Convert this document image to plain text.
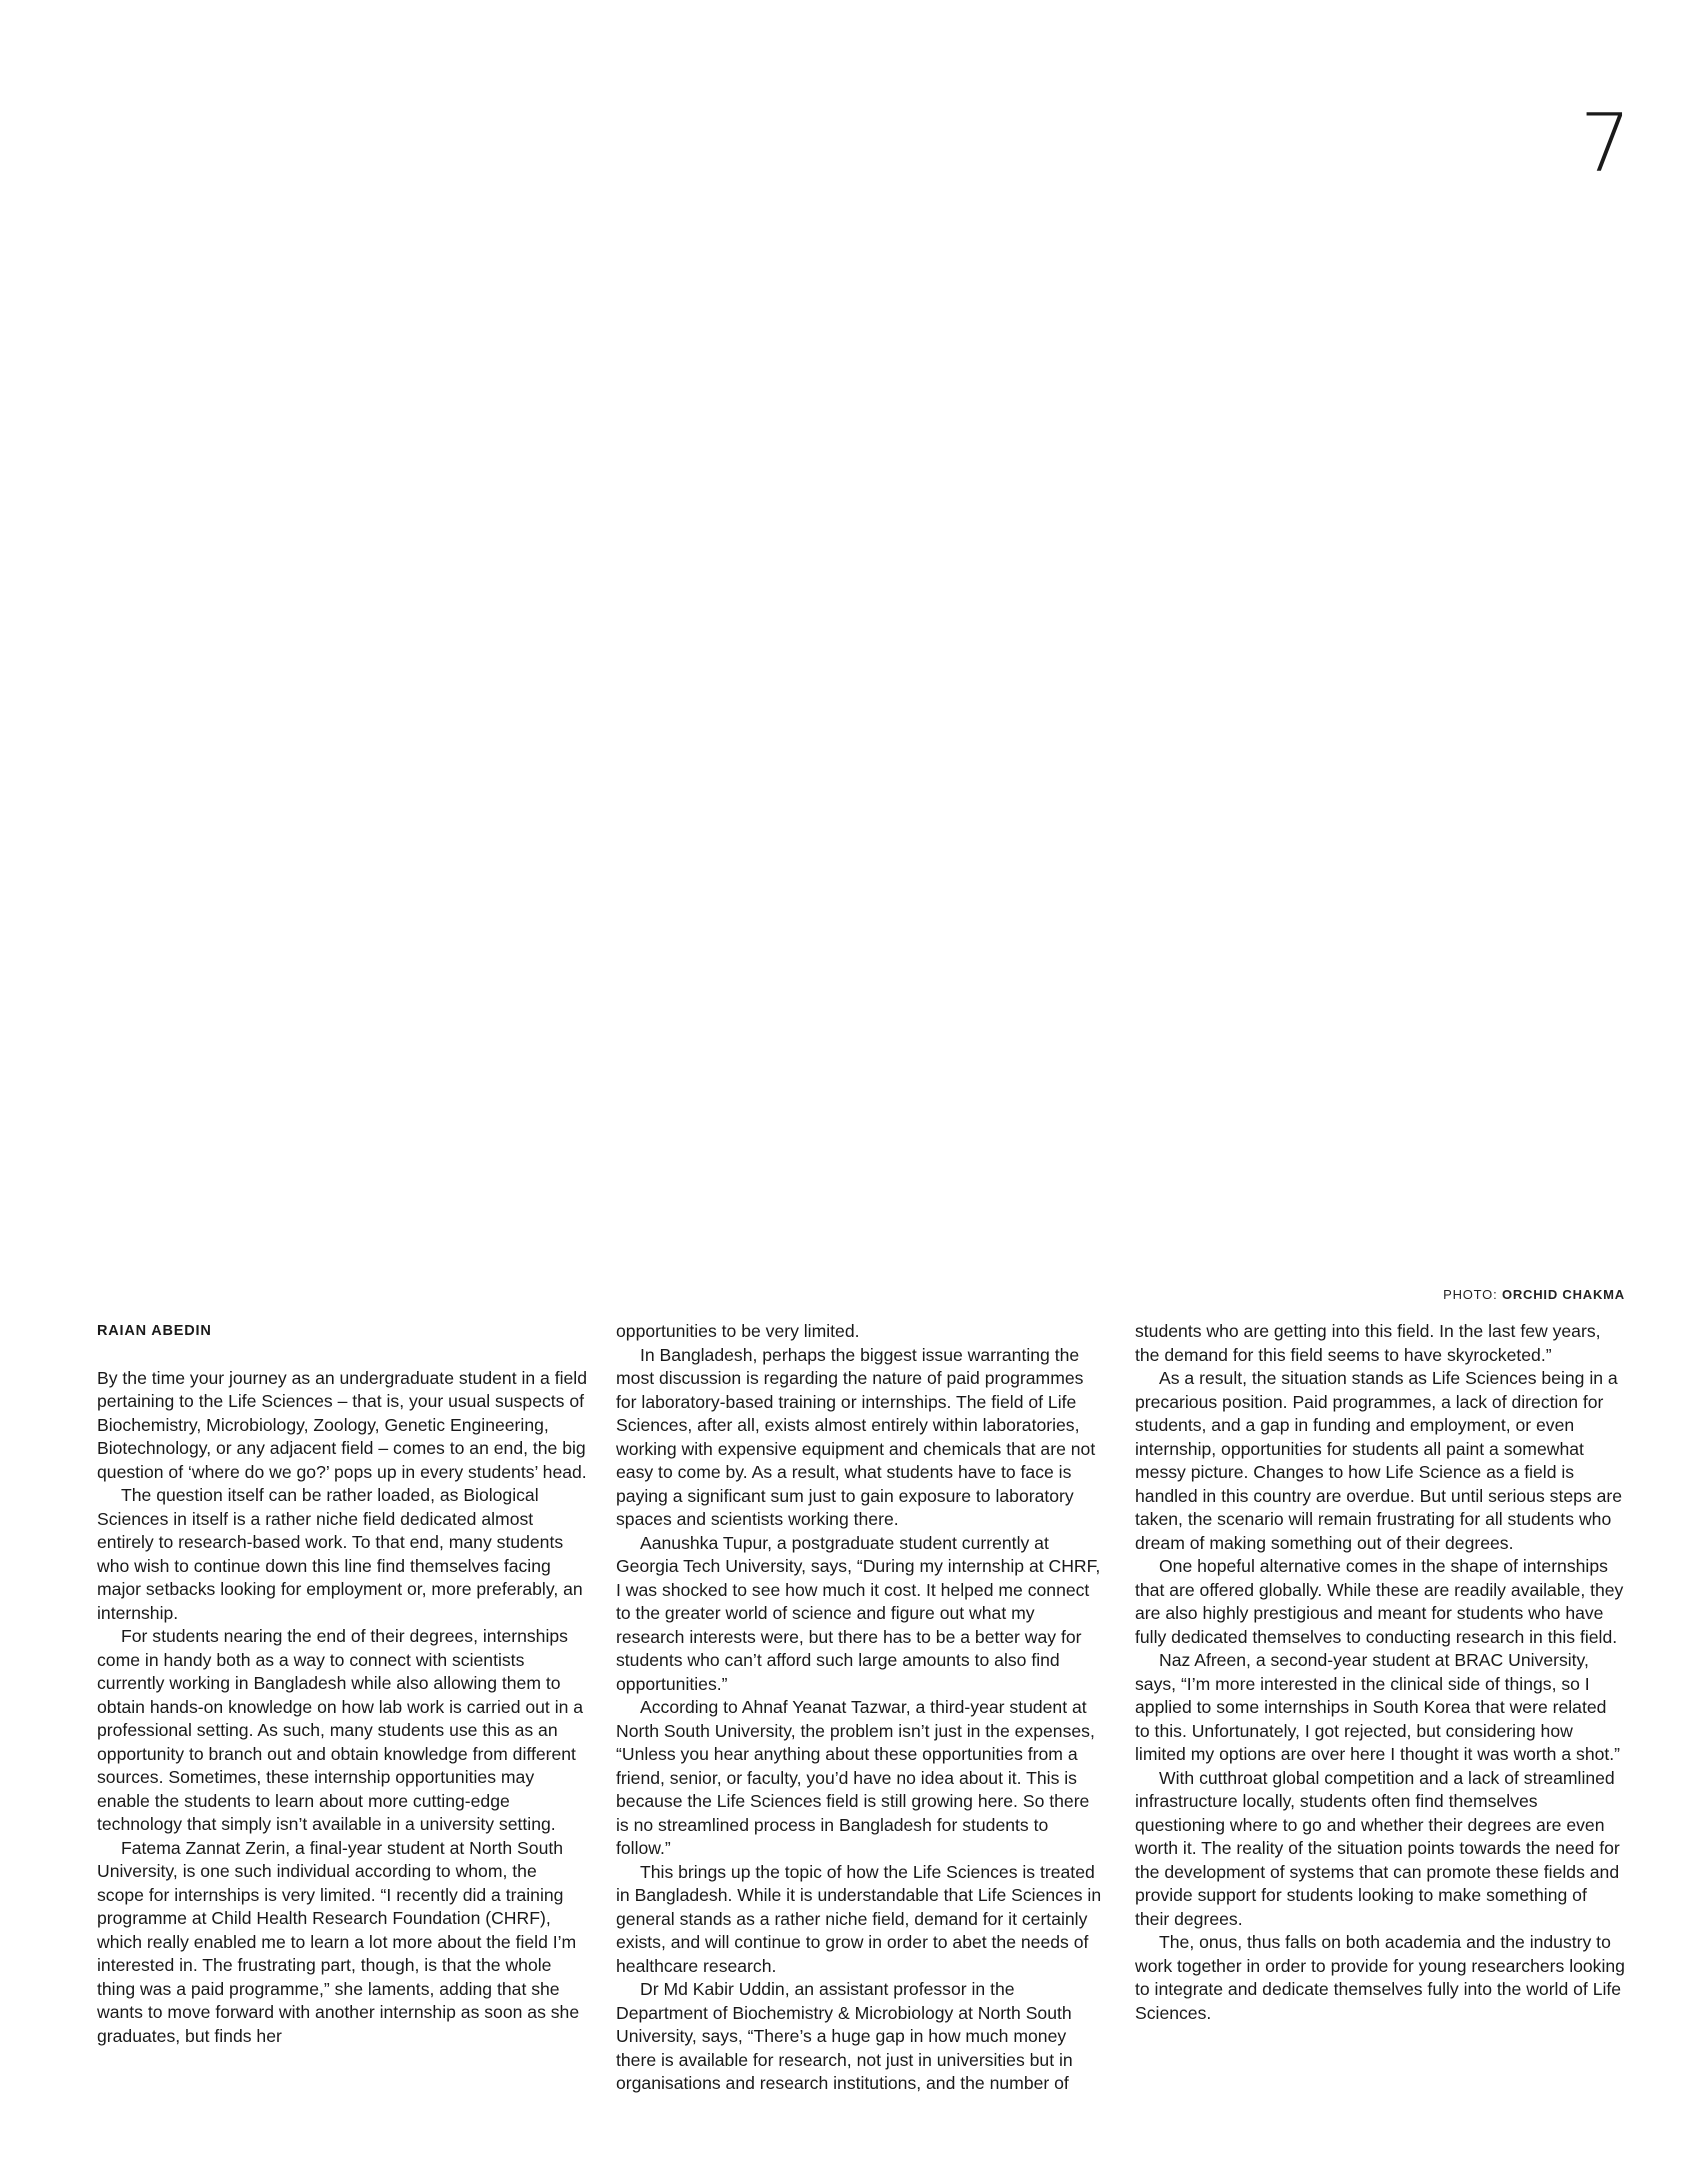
7
PHOTO: ORCHID CHAKMA
RAIAN ABEDIN

By the time your journey as an undergraduate student in a field pertaining to the Life Sciences – that is, your usual suspects of Biochemistry, Microbiology, Zoology, Genetic Engineering, Biotechnology, or any adjacent field – comes to an end, the big question of ‘where do we go?’ pops up in every students’ head.

The question itself can be rather loaded, as Biological Sciences in itself is a rather niche field dedicated almost entirely to research-based work. To that end, many students who wish to continue down this line find themselves facing major setbacks looking for employment or, more preferably, an internship.

For students nearing the end of their degrees, internships come in handy both as a way to connect with scientists currently working in Bangladesh while also allowing them to obtain hands-on knowledge on how lab work is carried out in a professional setting. As such, many students use this as an opportunity to branch out and obtain knowledge from different sources. Sometimes, these internship opportunities may enable the students to learn about more cutting-edge technology that simply isn’t available in a university setting.

Fatema Zannat Zerin, a final-year student at North South University, is one such individual according to whom, the scope for internships is very limited. “I recently did a training programme at Child Health Research Foundation (CHRF), which really enabled me to learn a lot more about the field I’m interested in. The frustrating part, though, is that the whole thing was a paid programme,” she laments, adding that she wants to move forward with another internship as soon as she graduates, but finds her

opportunities to be very limited.

In Bangladesh, perhaps the biggest issue warranting the most discussion is regarding the nature of paid programmes for laboratory-based training or internships. The field of Life Sciences, after all, exists almost entirely within laboratories, working with expensive equipment and chemicals that are not easy to come by. As a result, what students have to face is paying a significant sum just to gain exposure to laboratory spaces and scientists working there.

Aanushka Tupur, a postgraduate student currently at Georgia Tech University, says, “During my internship at CHRF, I was shocked to see how much it cost. It helped me connect to the greater world of science and figure out what my research interests were, but there has to be a better way for students who can’t afford such large amounts to also find opportunities.”

According to Ahnaf Yeanat Tazwar, a third-year student at North South University, the problem isn’t just in the expenses, “Unless you hear anything about these opportunities from a friend, senior, or faculty, you’d have no idea about it. This is because the Life Sciences field is still growing here. So there is no streamlined process in Bangladesh for students to follow.”

This brings up the topic of how the Life Sciences is treated in Bangladesh. While it is understandable that Life Sciences in general stands as a rather niche field, demand for it certainly exists, and will continue to grow in order to abet the needs of healthcare research.

Dr Md Kabir Uddin, an assistant professor in the Department of Biochemistry & Microbiology at North South University, says, “There’s a huge gap in how much money there is available for research, not just in universities but in organisations and research institutions, and the number of

students who are getting into this field. In the last few years, the demand for this field seems to have skyrocketed.”

As a result, the situation stands as Life Sciences being in a precarious position. Paid programmes, a lack of direction for students, and a gap in funding and employment, or even internship, opportunities for students all paint a somewhat messy picture. Changes to how Life Science as a field is handled in this country are overdue. But until serious steps are taken, the scenario will remain frustrating for all students who dream of making something out of their degrees.

One hopeful alternative comes in the shape of internships that are offered globally. While these are readily available, they are also highly prestigious and meant for students who have fully dedicated themselves to conducting research in this field.

Naz Afreen, a second-year student at BRAC University, says, “I’m more interested in the clinical side of things, so I applied to some internships in South Korea that were related to this. Unfortunately, I got rejected, but considering how limited my options are over here I thought it was worth a shot.”

With cutthroat global competition and a lack of streamlined infrastructure locally, students often find themselves questioning where to go and whether their degrees are even worth it. The reality of the situation points towards the need for the development of systems that can promote these fields and provide support for students looking to make something of their degrees.

The, onus, thus falls on both academia and the industry to work together in order to provide for young researchers looking to integrate and dedicate themselves fully into the world of Life Sciences.
